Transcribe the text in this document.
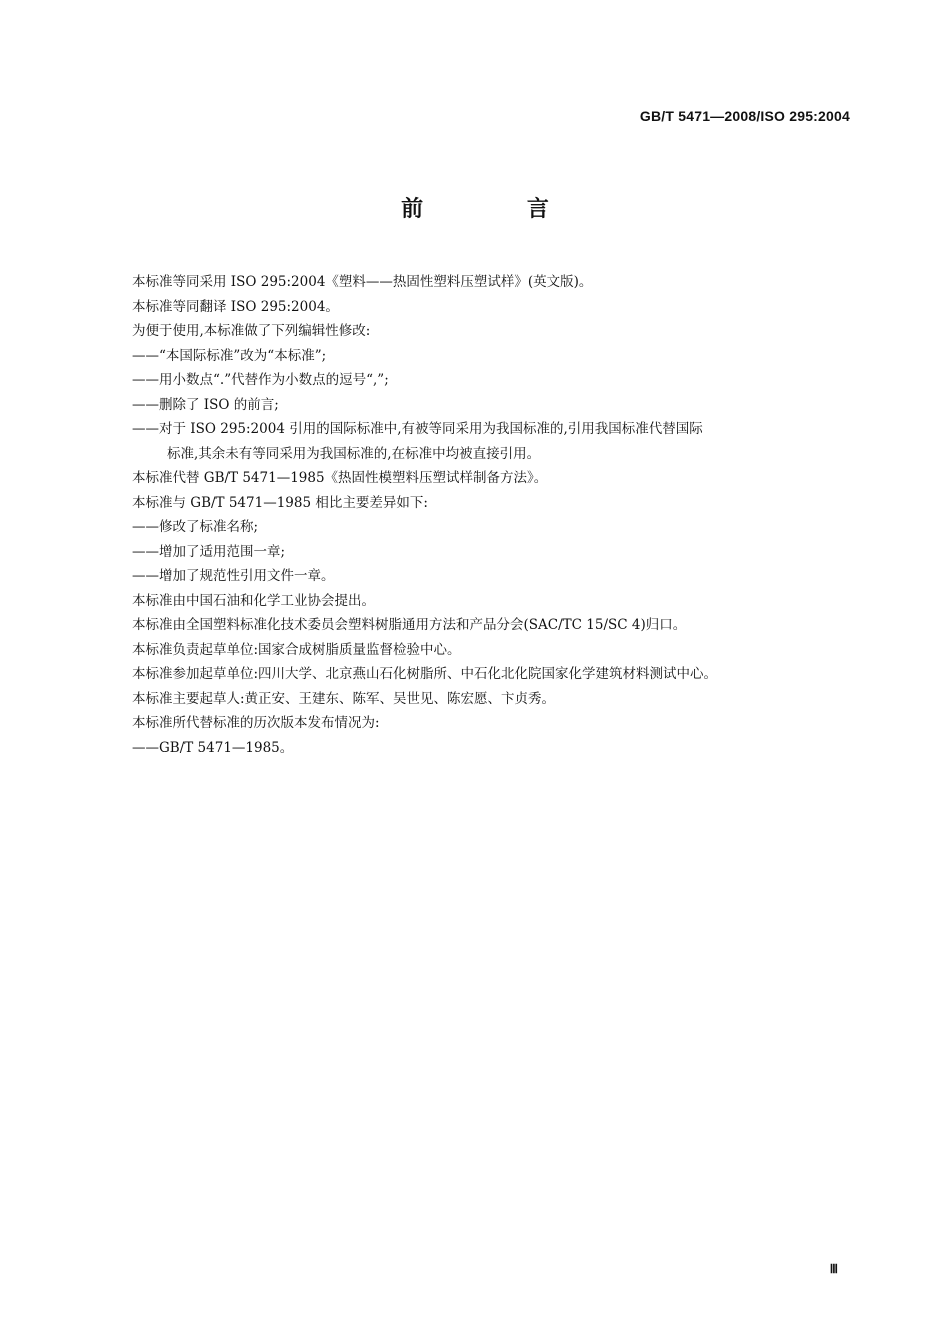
GB/T 5471—2008/ISO 295:2004
前 言
本标准等同采用 ISO 295:2004《塑料——热固性塑料压塑试样》(英文版)。
本标准等同翻译 ISO 295:2004。
为便于使用,本标准做了下列编辑性修改:
——“本国际标准”改为“本标准”;
——用小数点“.”代替作为小数点的逗号“,”;
——删除了 ISO 的前言;
——对于 ISO 295:2004 引用的国际标准中,有被等同采用为我国标准的,引用我国标准代替国际
标准,其余未有等同采用为我国标准的,在标准中均被直接引用。
本标准代替 GB/T 5471—1985《热固性模塑料压塑试样制备方法》。
本标准与 GB/T 5471—1985 相比主要差异如下:
——修改了标准名称;
——增加了适用范围一章;
——增加了规范性引用文件一章。
本标准由中国石油和化学工业协会提出。
本标准由全国塑料标准化技术委员会塑料树脂通用方法和产品分会(SAC/TC 15/SC 4)归口。
本标准负责起草单位:国家合成树脂质量监督检验中心。
本标准参加起草单位:四川大学、北京燕山石化树脂所、中石化北化院国家化学建筑材料测试中心。
本标准主要起草人:黄正安、王建东、陈军、吴世见、陈宏愿、卞贞秀。
本标准所代替标准的历次版本发布情况为:
——GB/T 5471—1985。
Ⅲ
